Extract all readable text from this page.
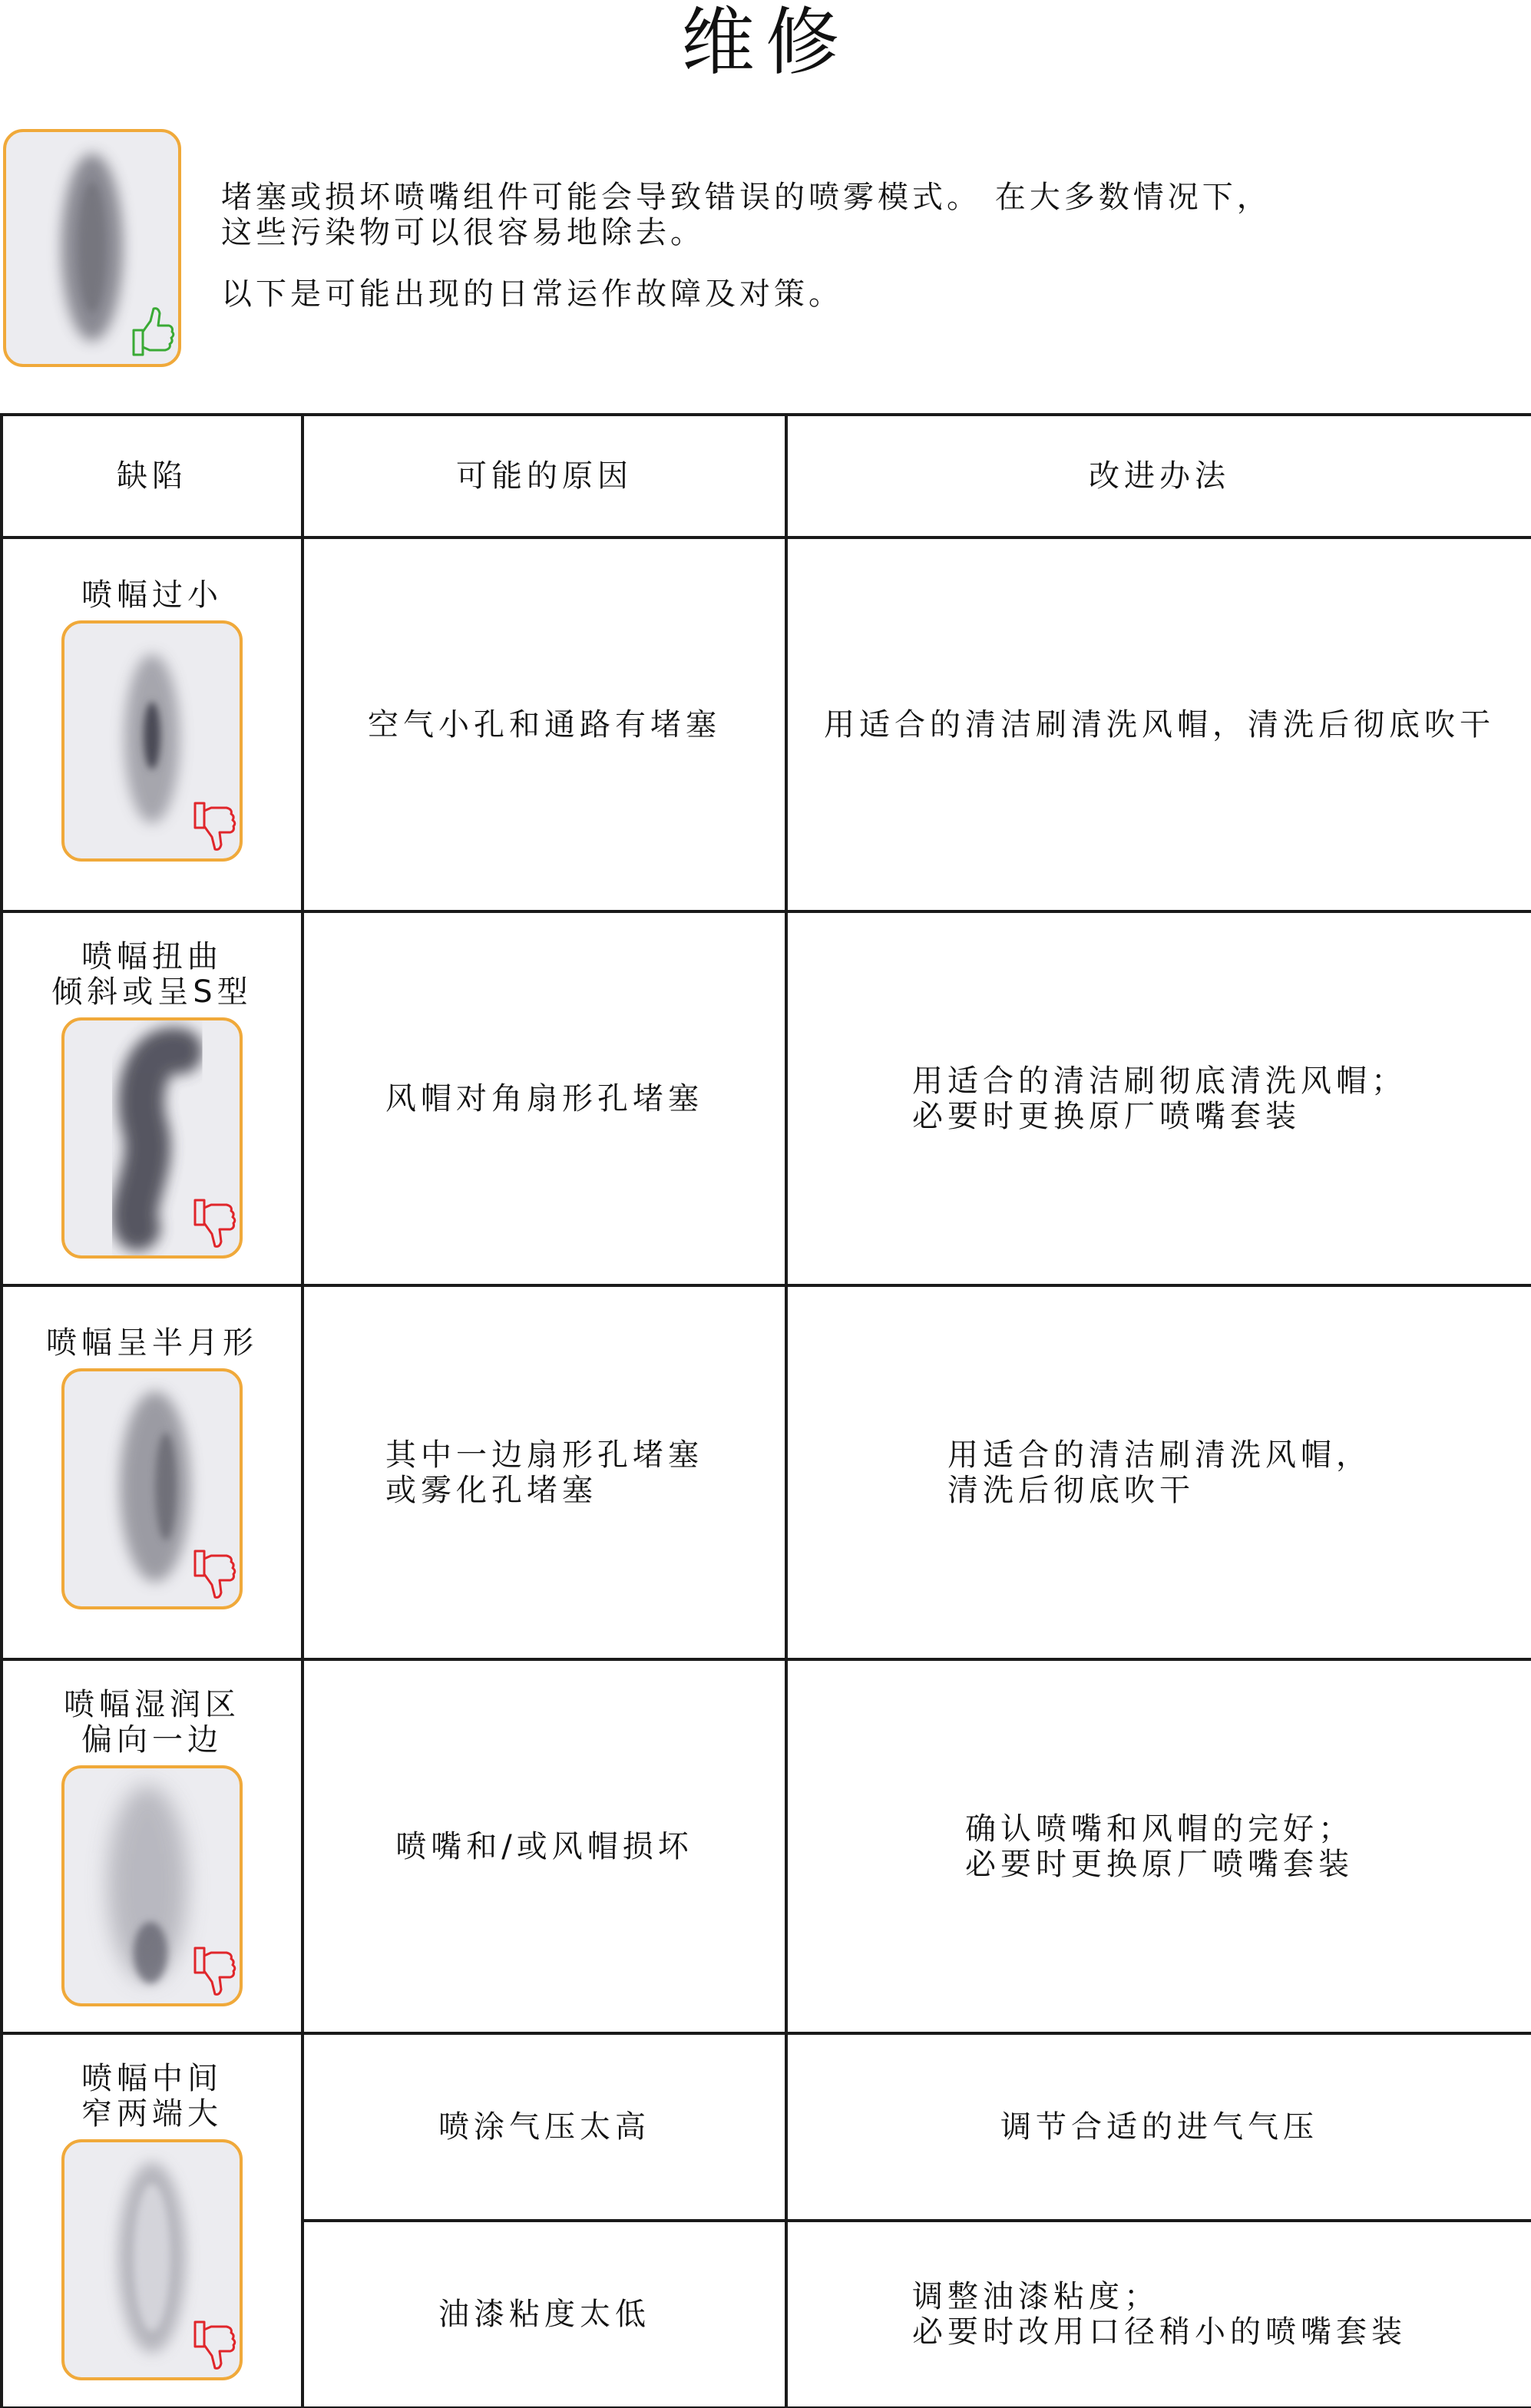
维修

堵塞或损坏喷嘴组件可能会导致错误的喷雾模式。 在大多数情况下，
这些污染物可以很容易地除去。

以下是可能出现的日常运作故障及对策。

缺陷	可能的原因	改进办法

喷幅过小	空气小孔和通路有堵塞	用适合的清洁刷清洗风帽，清洗后彻底吹干

喷幅扭曲
倾斜或呈S型	风帽对角扇形孔堵塞	用适合的清洁刷彻底清洗风帽；
必要时更换原厂喷嘴套装

喷幅呈半月形	其中一边扇形孔堵塞
或雾化孔堵塞	用适合的清洁刷清洗风帽，
清洗后彻底吹干

喷幅湿润区
偏向一边	喷嘴和/或风帽损坏	确认喷嘴和风帽的完好；
必要时更换原厂喷嘴套装

喷幅中间
窄两端大	喷涂气压太高	调节合适的进气气压
	油漆粘度太低	调整油漆粘度；
必要时改用口径稍小的喷嘴套装
